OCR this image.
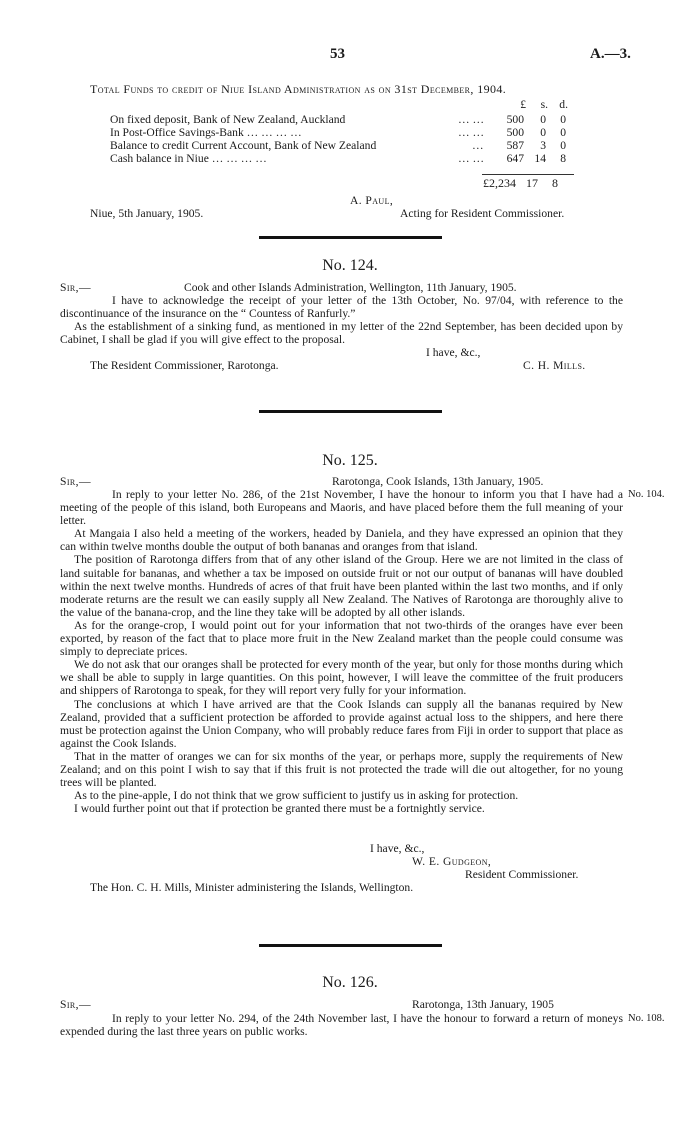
53	A.—3.
Total Funds to credit of Niue Island Administration as on 31st December, 1904.
£ s. d.
On fixed deposit, Bank of New Zealand, Auckland	… …	500 0 0
In Post-Office Savings-Bank … … … …	… …	500 0 0
Balance to credit Current Account, Bank of New Zealand	…	587 3 0
Cash balance in Niue … … … …	… …	647 14 8
£2,234 17 8
A. Paul,
Niue, 5th January, 1905.	Acting for Resident Commissioner.
No. 124.
Sir,—	Cook and other Islands Administration, Wellington, 11th January, 1905.

I have to acknowledge the receipt of your letter of the 13th October, No. 97/04, with reference to the discontinuance of the insurance on the “ Countess of Ranfurly.”

As the establishment of a sinking fund, as mentioned in my letter of the 22nd September, has been decided upon by Cabinet, I shall be glad if you will give effect to the proposal.

I have, &c.,
The Resident Commissioner, Rarotonga.	C. H. Mills.
No. 125.
Sir,—	Rarotonga, Cook Islands, 13th January, 1905.
No. 104.

In reply to your letter No. 286, of the 21st November, I have the honour to inform you that I have had a meeting of the people of this island, both Europeans and Maoris, and have placed before them the full meaning of your letter.

At Mangaia I also held a meeting of the workers, headed by Daniela, and they have expressed an opinion that they can within twelve months double the output of both bananas and oranges from that island.

The position of Rarotonga differs from that of any other island of the Group. Here we are not limited in the class of land suitable for bananas, and whether a tax be imposed on outside fruit or not our output of bananas will have doubled within the next twelve months. Hundreds of acres of that fruit have been planted within the last two months, and if only moderate returns are the result we can easily supply all New Zealand. The Natives of Rarotonga are thoroughly alive to the value of the banana-crop, and the line they take will be adopted by all other islands.

As for the orange-crop, I would point out for your information that not two-thirds of the oranges have ever been exported, by reason of the fact that to place more fruit in the New Zealand market than the people could consume was simply to depreciate prices.

We do not ask that our oranges shall be protected for every month of the year, but only for those months during which we shall be able to supply in large quantities. On this point, however, I will leave the committee of the fruit producers and shippers of Rarotonga to speak, for they will report very fully for your information.

The conclusions at which I have arrived are that the Cook Islands can supply all the bananas required by New Zealand, provided that a sufficient protection be afforded to provide against actual loss to the shippers, and here there must be protection against the Union Company, who will probably reduce fares from Fiji in order to support that place as against the Cook Islands.

That in the matter of oranges we can for six months of the year, or perhaps more, supply the requirements of New Zealand; and on this point I wish to say that if this fruit is not protected the trade will die out altogether, for no young trees will be planted.

As to the pine-apple, I do not think that we grow sufficient to justify us in asking for protection.

I would further point out that if protection be granted there must be a fortnightly service.

I have, &c.,
W. E. Gudgeon,
Resident Commissioner.
The Hon. C. H. Mills, Minister administering the Islands, Wellington.
No. 126.
Sir,—	Rarotonga, 13th January, 1905
No. 108.

In reply to your letter No. 294, of the 24th November last, I have the honour to forward a return of moneys expended during the last three years on public works.
